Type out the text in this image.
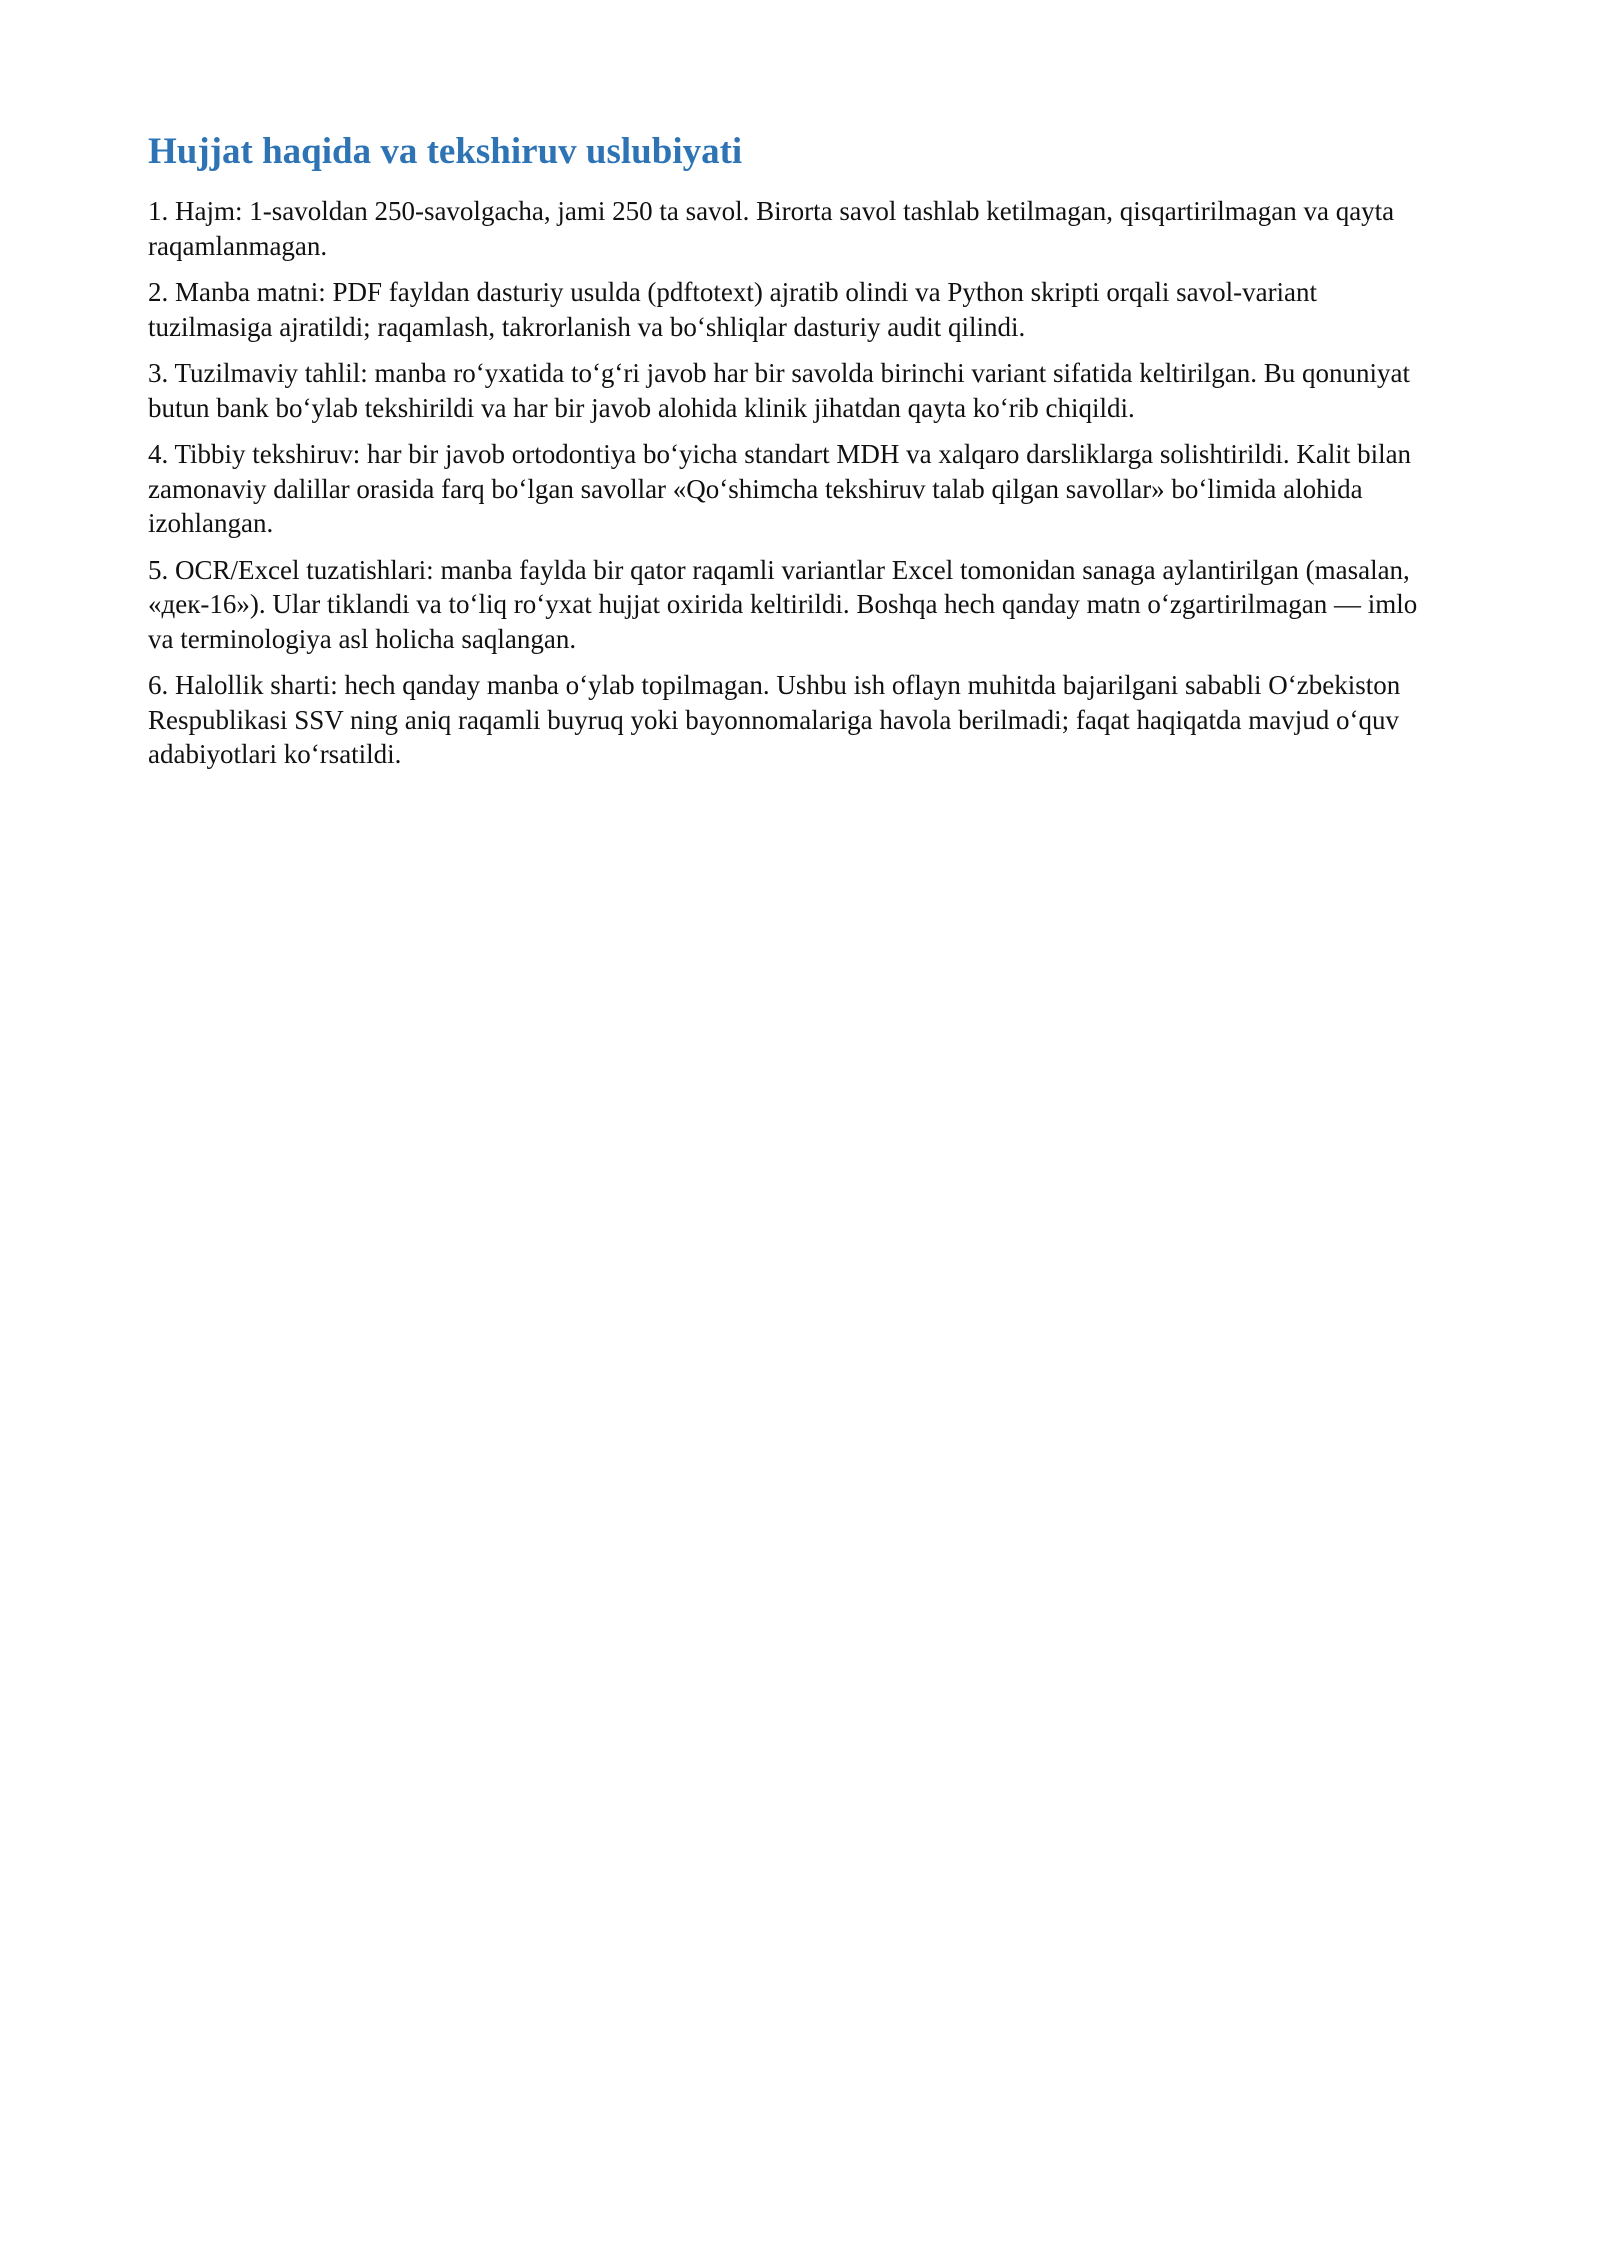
Hujjat haqida va tekshiruv uslubiyati

1. Hajm: 1-savoldan 250-savolgacha, jami 250 ta savol. Birorta savol tashlab ketilmagan, qisqartirilmagan va qayta raqamlanmagan.

2. Manba matni: PDF fayldan dasturiy usulda (pdftotext) ajratib olindi va Python skripti orqali savol-variant tuzilmasiga ajratildi; raqamlash, takrorlanish va bo‘shliqlar dasturiy audit qilindi.

3. Tuzilmaviy tahlil: manba ro‘yxatida to‘g‘ri javob har bir savolda birinchi variant sifatida keltirilgan. Bu qonuniyat butun bank bo‘ylab tekshirildi va har bir javob alohida klinik jihatdan qayta ko‘rib chiqildi.

4. Tibbiy tekshiruv: har bir javob ortodontiya bo‘yicha standart MDH va xalqaro darsliklarga solishtirildi. Kalit bilan zamonaviy dalillar orasida farq bo‘lgan savollar «Qo‘shimcha tekshiruv talab qilgan savollar» bo‘limida alohida izohlangan.

5. OCR/Excel tuzatishlari: manba faylda bir qator raqamli variantlar Excel tomonidan sanaga aylantirilgan (masalan, «дек-16»). Ular tiklandi va to‘liq ro‘yxat hujjat oxirida keltirildi. Boshqa hech qanday matn o‘zgartirilmagan — imlo va terminologiya asl holicha saqlangan.

6. Halollik sharti: hech qanday manba o‘ylab topilmagan. Ushbu ish oflayn muhitda bajarilgani sababli O‘zbekiston Respublikasi SSV ning aniq raqamli buyruq yoki bayonnomalariga havola berilmadi; faqat haqiqatda mavjud o‘quv adabiyotlari ko‘rsatildi.
